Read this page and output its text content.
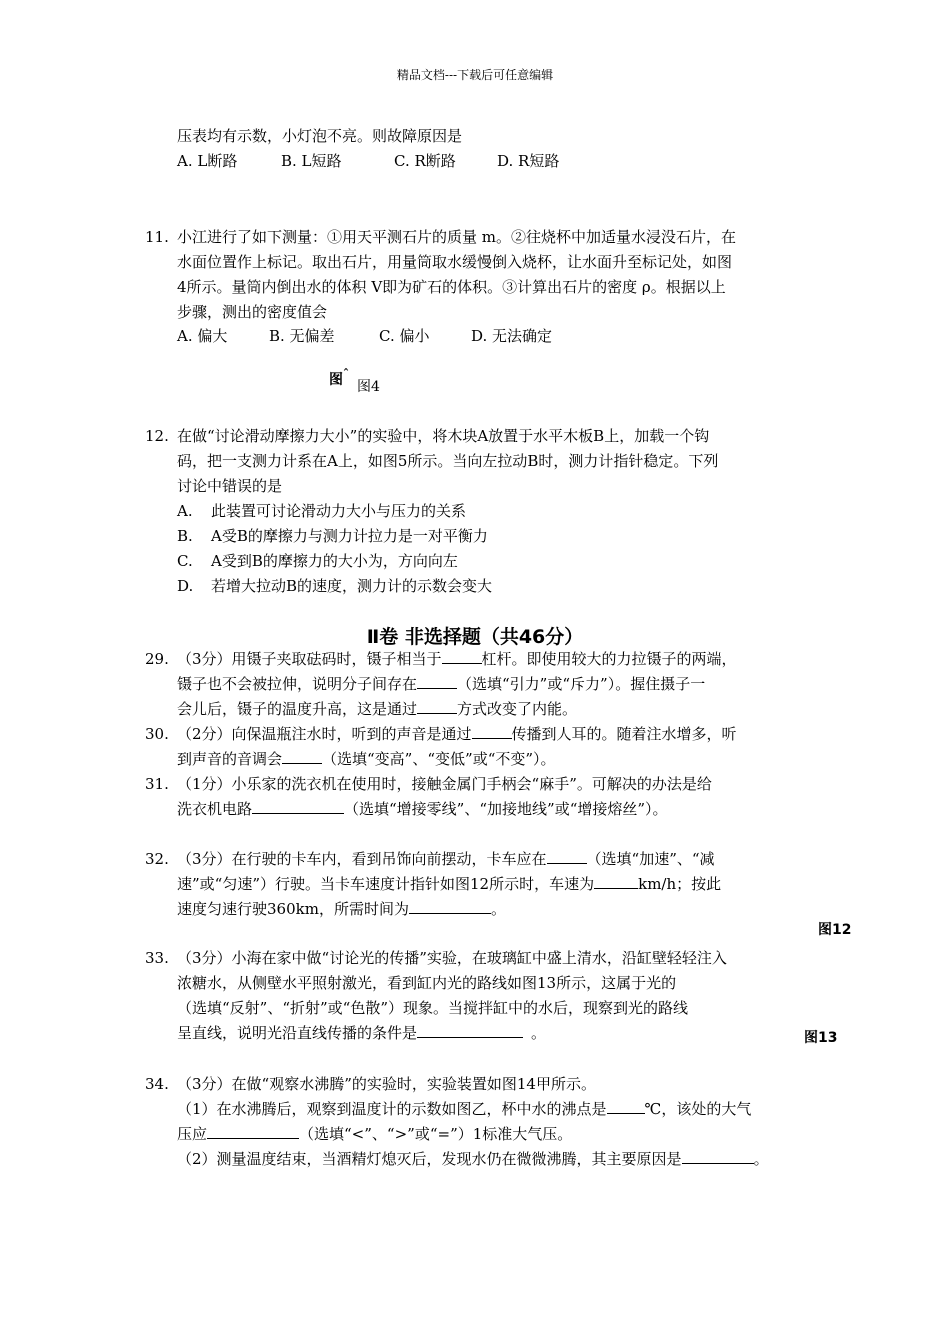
精品文档---下载后可任意编辑
压表均有示数，小灯泡不亮。则故障原因是
A. L断路	B. L短路	C. R断路	D. R短路
11. 小江进行了如下测量：①用天平测石片的质量 m。②往烧杯中加适量水浸没石片，在
水面位置作上标记。取出石片，用量筒取水缓慢倒入烧杯，让水面升至标记处，如图
4所示。量筒内倒出水的体积 V即为矿石的体积。③计算出石片的密度 ρ。根据以上
步骤，测出的密度值会
A. 偏大	B. 无偏差	C. 偏小	D. 无法确定
图ˆ
图4
12. 在做“讨论滑动摩擦力大小”的实验中，将木块A放置于水平木板B上，加载一个钩
码，把一支测力计系在A上，如图5所示。当向左拉动B时，测力计指针稳定。下列
讨论中错误的是
A. 此装置可讨论滑动力大小与压力的关系
B. A受B的摩擦力与测力计拉力是一对平衡力
C. A受到B的摩擦力的大小为，方向向左
D. 若增大拉动B的速度，测力计的示数会变大
Ⅱ卷 非选择题（共46分）
29. （3分）用镊子夹取砝码时，镊子相当于	杠杆。即使用较大的力拉镊子的两端，
镊子也不会被拉伸，说明分子间存在	（选填“引力”或“斥力”）。握住摄子一
会儿后，镊子的温度升高，这是通过	方式改变了内能。
30. （2分）向保温瓶注水时，听到的声音是通过	传播到人耳的。随着注水增多，听
到声音的音调会	（选填“变高”、“变低”或“不变”）。
31. （1分）小乐家的洗衣机在使用时，接触金属门手柄会“麻手”。可解决的办法是给
洗衣机电路	（选填“增接零线”、“加接地线”或“增接熔丝”）。
32. （3分）在行驶的卡车内，看到吊饰向前摆动，卡车应在	（选填“加速”、“减
速”或“匀速”）行驶。当卡车速度计指针如图12所示时，车速为	km/h；按此
速度匀速行驶360km，所需时间为	。
图12
33. （3分）小海在家中做“讨论光的传播”实验，在玻璃缸中盛上清水，沿缸壁轻轻注入
浓糖水，从侧壁水平照射激光，看到缸内光的路线如图13所示，这属于光的
（选填“反射”、“折射”或“色散”）现象。当搅拌缸中的水后，现察到光的路线
呈直线，说明光沿直线传播的条件是	。	图13
34. （3分）在做“观察水沸腾”的实验时，实验装置如图14甲所示。
（1）在水沸腾后，观察到温度计的示数如图乙，杯中水的沸点是	℃，该处的大气
压应	（选填“<”、“>”或“=”）1标准大气压。
（2）测量温度结束，当酒精灯熄灭后，发现水仍在微微沸腾，其主要原因是	。
